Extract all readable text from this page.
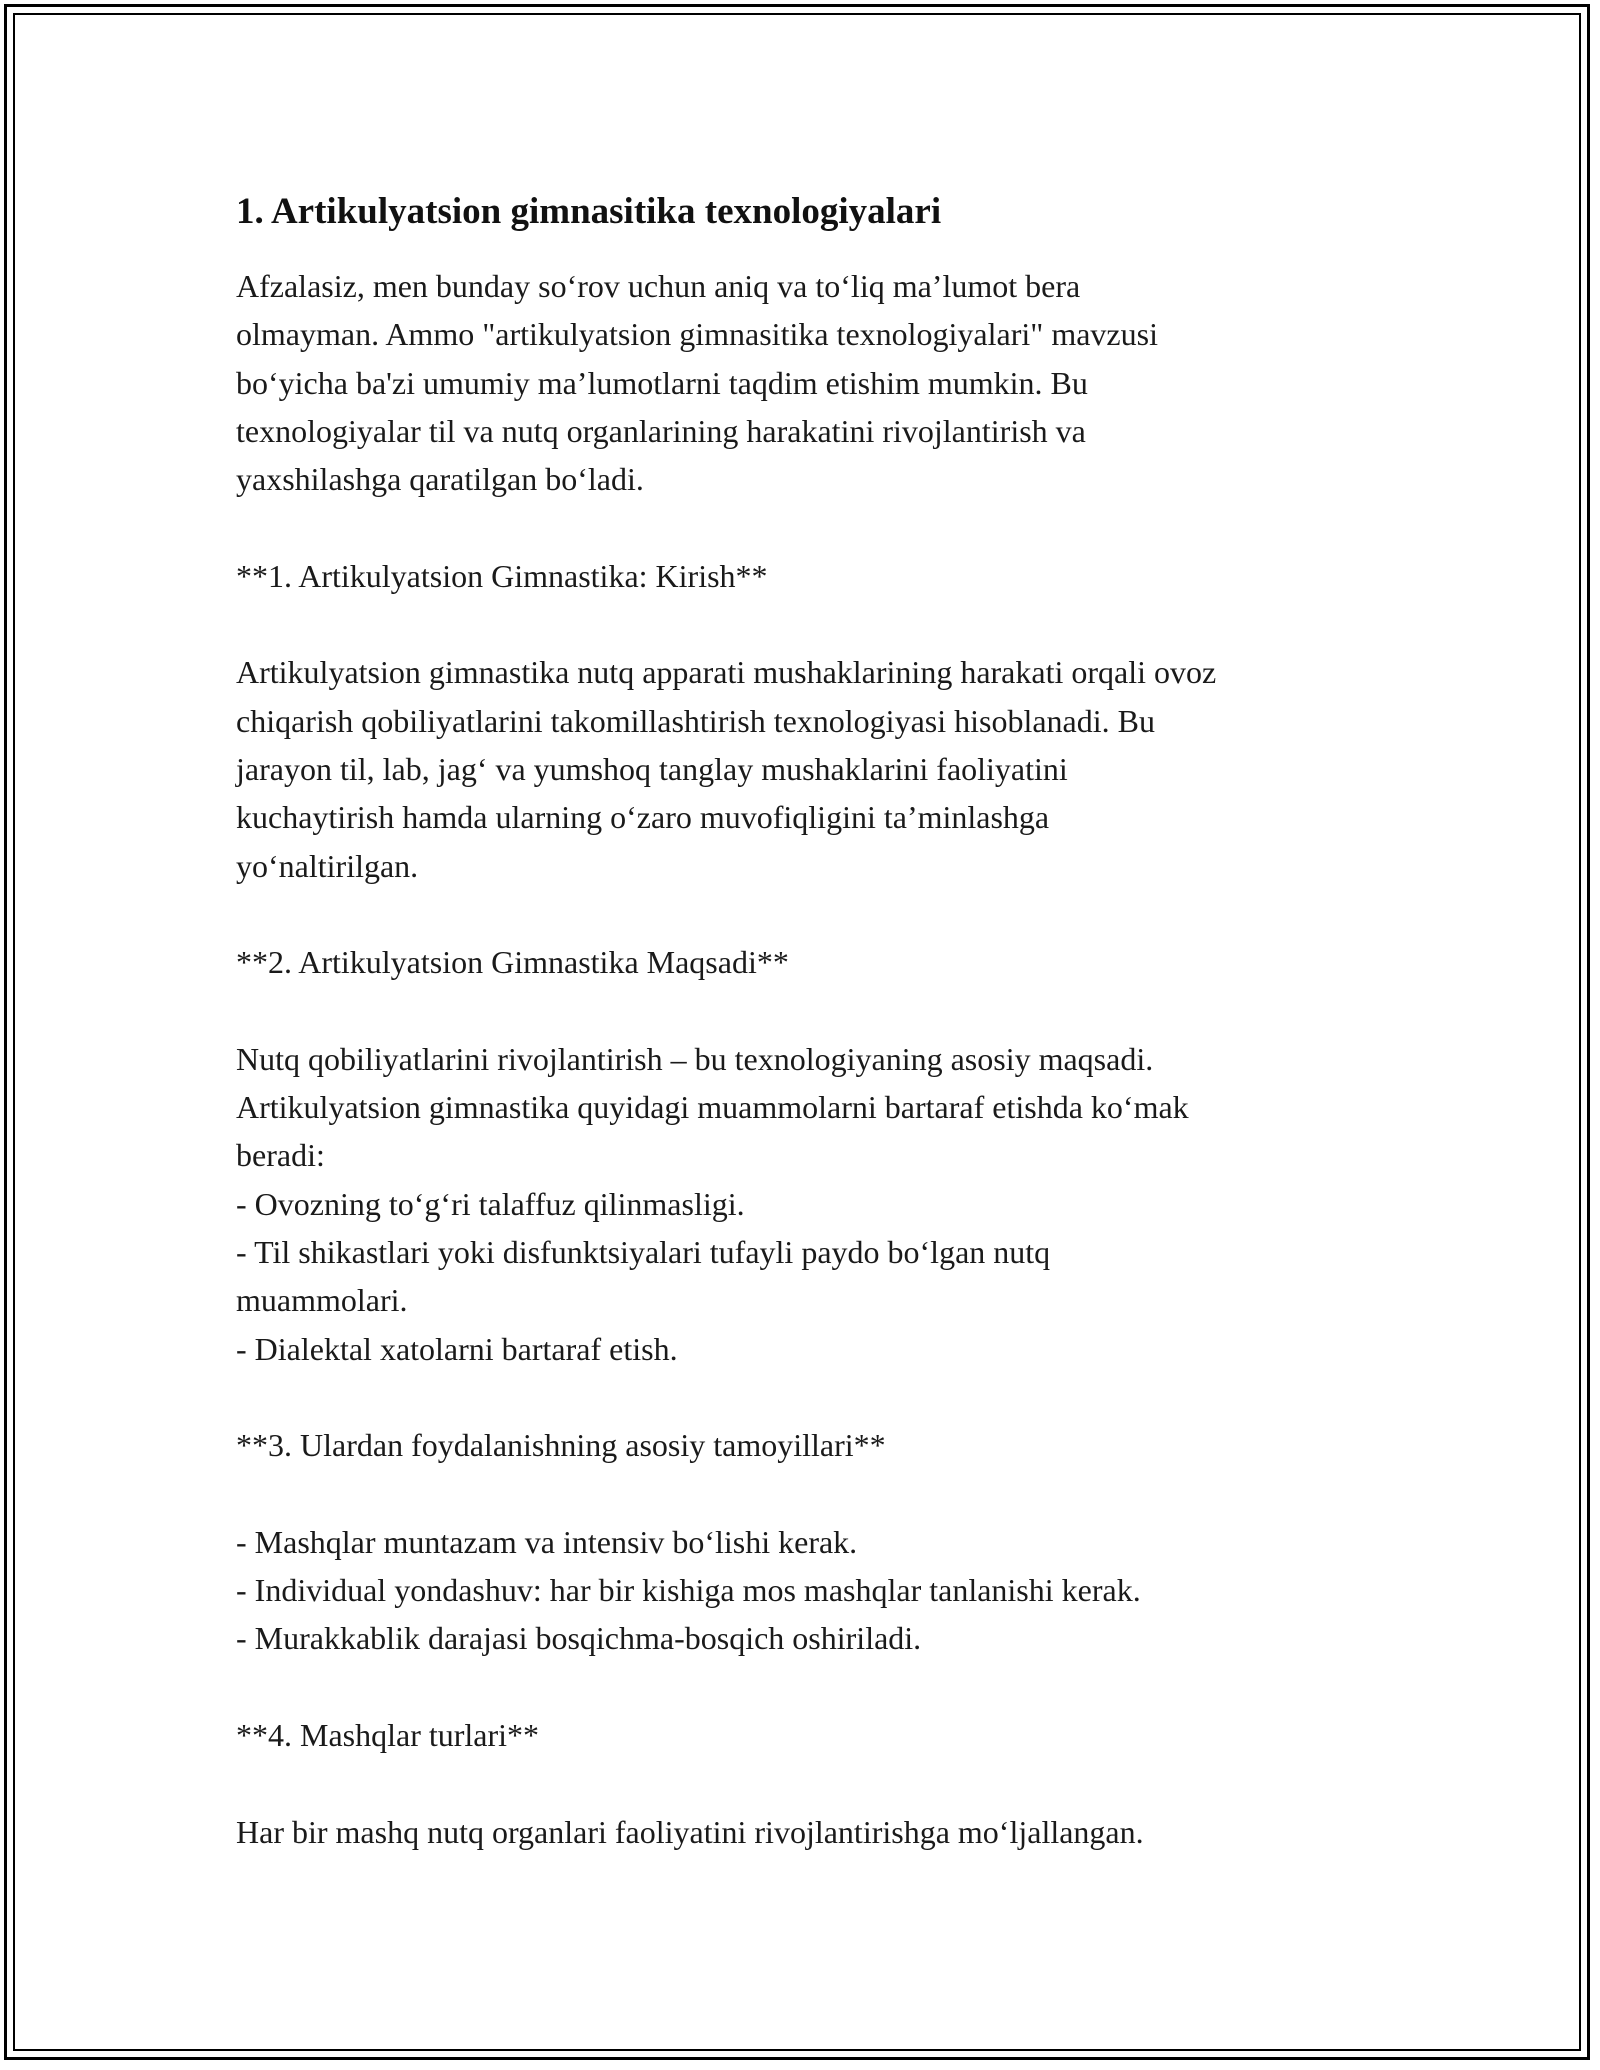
1. Artikulyatsion gimnasitika texnologiyalari

Afzalasiz, men bunday so‘rov uchun aniq va to‘liq ma’lumot bera

olmayman. Ammo "artikulyatsion gimnasitika texnologiyalari" mavzusi

bo‘yicha ba'zi umumiy ma’lumotlarni taqdim etishim mumkin. Bu

texnologiyalar til va nutq organlarining harakatini rivojlantirish va

yaxshilashga qaratilgan bo‘ladi.

**1. Artikulyatsion Gimnastika: Kirish**

Artikulyatsion gimnastika nutq apparati mushaklarining harakati orqali ovoz

chiqarish qobiliyatlarini takomillashtirish texnologiyasi hisoblanadi. Bu

jarayon til, lab, jag‘ va yumshoq tanglay mushaklarini faoliyatini

kuchaytirish hamda ularning o‘zaro muvofiqligini ta’minlashga

yo‘naltirilgan.

**2. Artikulyatsion Gimnastika Maqsadi**

Nutq qobiliyatlarini rivojlantirish – bu texnologiyaning asosiy maqsadi.

Artikulyatsion gimnastika quyidagi muammolarni bartaraf etishda ko‘mak

beradi:

- Ovozning to‘g‘ri talaffuz qilinmasligi.

- Til shikastlari yoki disfunktsiyalari tufayli paydo bo‘lgan nutq

muammolari.

- Dialektal xatolarni bartaraf etish.

**3. Ulardan foydalanishning asosiy tamoyillari**

- Mashqlar muntazam va intensiv bo‘lishi kerak.

- Individual yondashuv: har bir kishiga mos mashqlar tanlanishi kerak.

- Murakkablik darajasi bosqichma-bosqich oshiriladi.

**4. Mashqlar turlari**

Har bir mashq nutq organlari faoliyatini rivojlantirishga mo‘ljallangan.
